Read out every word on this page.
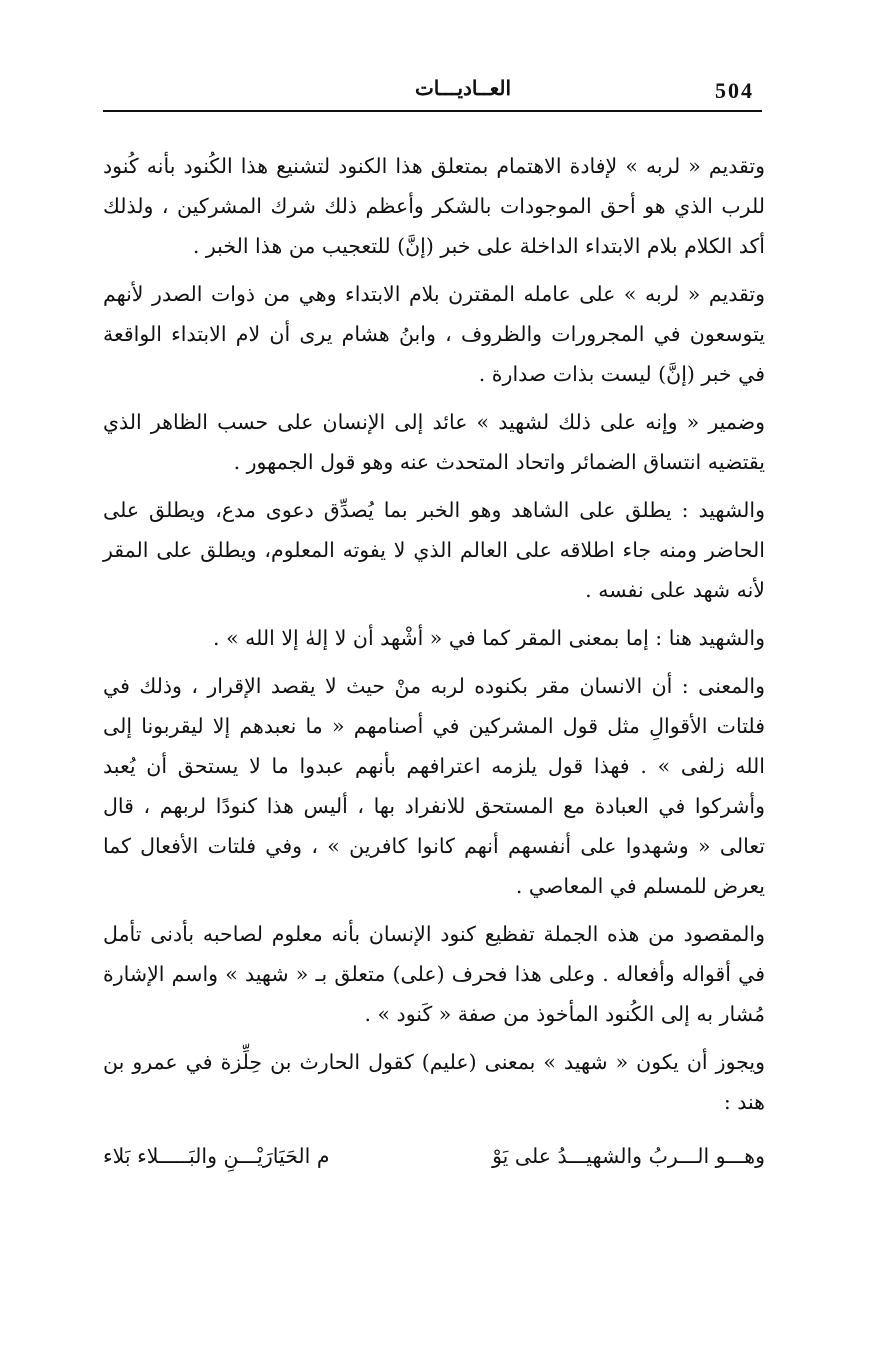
504
العــاديـــات

وتقديم « لربه » لإفادة الاهتمام بمتعلق هذا الكنود لتشنيع هذا الكُنود بأنه كُنود للرب الذي هو أحق الموجودات بالشكر وأعظم ذلك شرك المشركين ، ولذلك أكد الكلام بلام الابتداء الداخلة على خبر (إنَّ) للتعجيب من هذا الخبر .

وتقديم « لربه » على عامله المقترن بلام الابتداء وهي من ذوات الصدر لأنهم يتوسعون في المجرورات والظروف ، وابنُ هشام يرى أن لام الابتداء الواقعة في خبر (إنَّ) ليست بذات صدارة .

وضمير « وإنه على ذلك لشهيد » عائد إلى الإنسان على حسب الظاهر الذي يقتضيه انتساق الضمائر واتحاد المتحدث عنه وهو قول الجمهور .

والشهيد : يطلق على الشاهد وهو الخبر بما يُصدِّق دعوى مدع، ويطلق على الحاضر ومنه جاء اطلاقه على العالم الذي لا يفوته المعلوم، ويطلق على المقر لأنه شهد على نفسه .

والشهيد هنا : إما بمعنى المقر كما في « أشْهد أن لا إلهٰ إلا الله » .

والمعنى : أن الانسان مقر بكنوده لربه منْ حيث لا يقصد الإقرار ، وذلك في فلتات الأقوالِ مثل قول المشركين في أصنامهم « ما نعبدهم إلا ليقربونا إلى الله زلفى » . فهذا قول يلزمه اعترافهم بأنهم عبدوا ما لا يستحق أن يُعبد وأشركوا في العبادة مع المستحق للانفراد بها ، أليس هذا كنودًا لربهم ، قال تعالى « وشهدوا على أنفسهم أنهم كانوا كافرين » ، وفي فلتات الأفعال كما يعرض للمسلم في المعاصي .

والمقصود من هذه الجملة تفظيع كنود الإنسان بأنه معلوم لصاحبه بأدنى تأمل في أقواله وأفعاله . وعلى هذا فحرف (على) متعلق بـ « شهيد » واسم الإشارة مُشار به إلى الكُنود المأخوذ من صفة « كَنود » .

ويجوز أن يكون « شهيد » بمعنى (عليم) كقول الحارث بن حِلِّزة في عمرو بن هند :

وهـــو الـــربُ والشهيـــدُ على يَوْ
م الحَيَارَيْـــنِ والبَـــــلاء بَلاء
